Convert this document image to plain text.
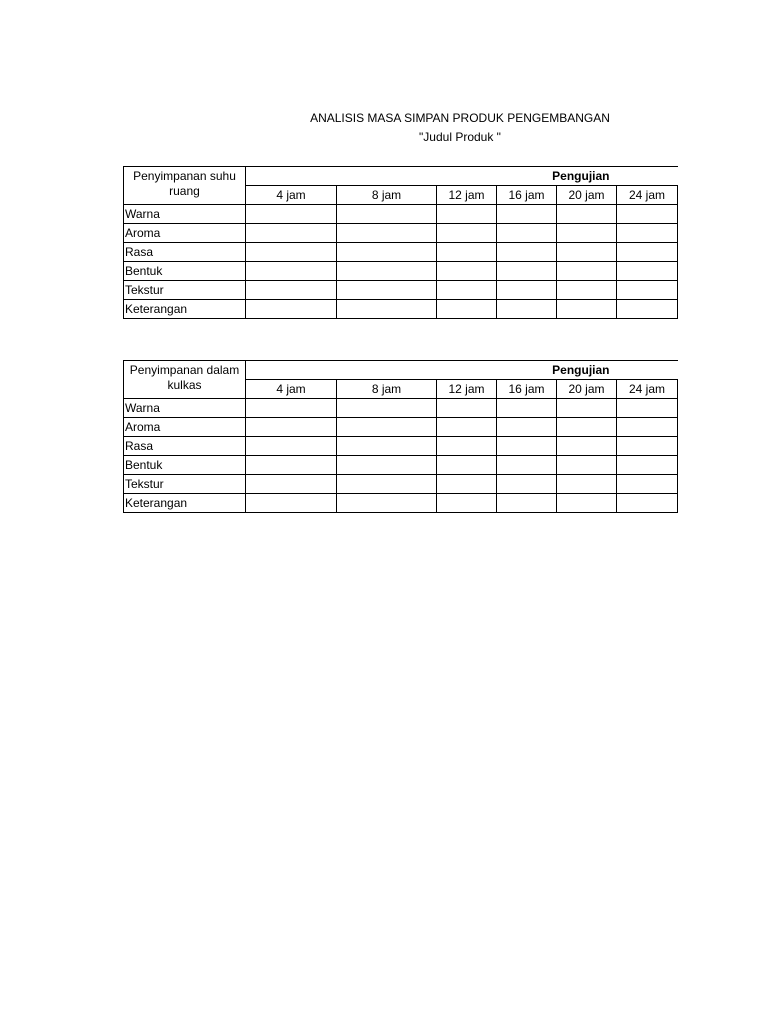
ANALISIS MASA SIMPAN PRODUK PENGEMBANGAN
"Judul Produk "
Penyimpanan suhu ruang	Pengujian					
	4 jam	8 jam	12 jam	16 jam	20 jam	24 jam
Warna						
Aroma						
Rasa						
Bentuk						
Tekstur						
Keterangan						
Penyimpanan dalam kulkas	Pengujian					
	4 jam	8 jam	12 jam	16 jam	20 jam	24 jam
Warna						
Aroma						
Rasa						
Bentuk						
Tekstur						
Keterangan						
